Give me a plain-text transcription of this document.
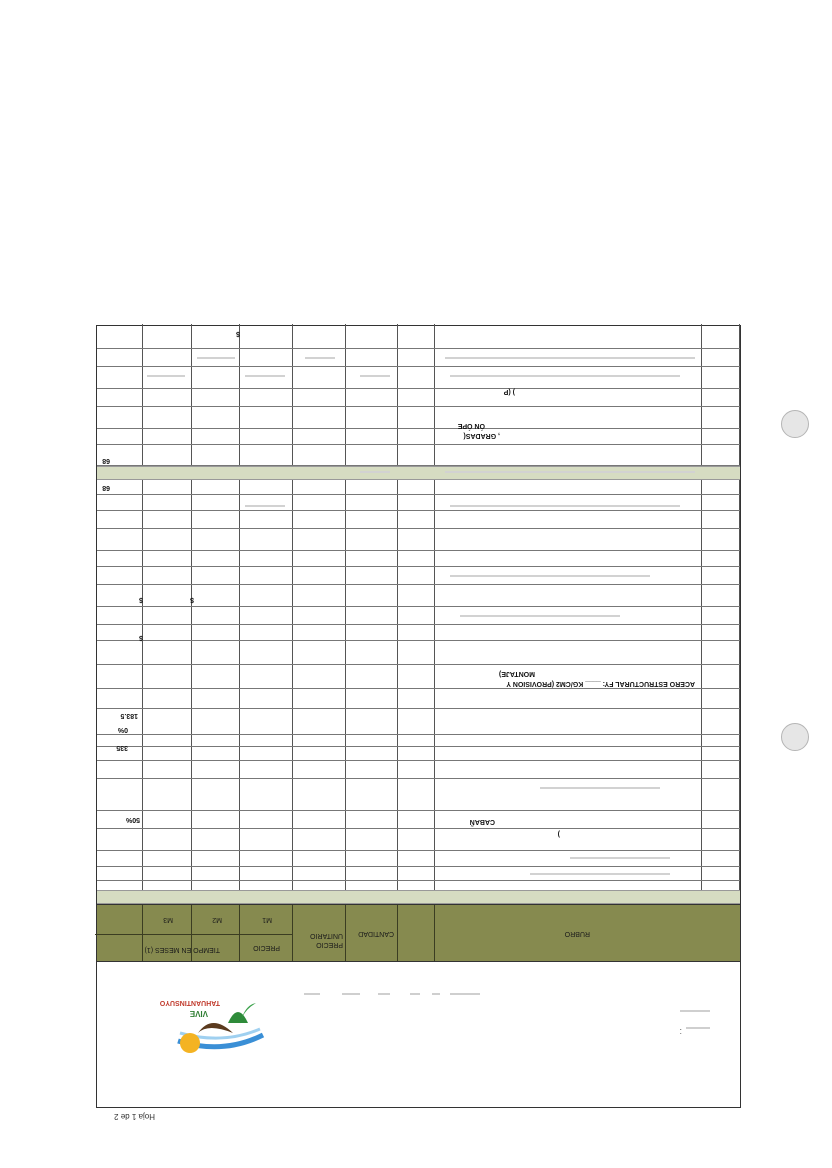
Hoja 1 de 2
VIVE
TAHUANTINSUYO
:
RUBRO
CANTIDAD
PRECIO UNITARIO
PRECIO
TIEMPO EN MESES (1)
M1
M2
M3
CABAÑ
)
50%
335
0%
183.5
ACERO ESTRUCTURAL FY: ____ KG/CM2 (PROVISION Y
MONTAJE)
$
$	$
68
68
, GRADAS(
ÓN ÓPE
) (P
$
